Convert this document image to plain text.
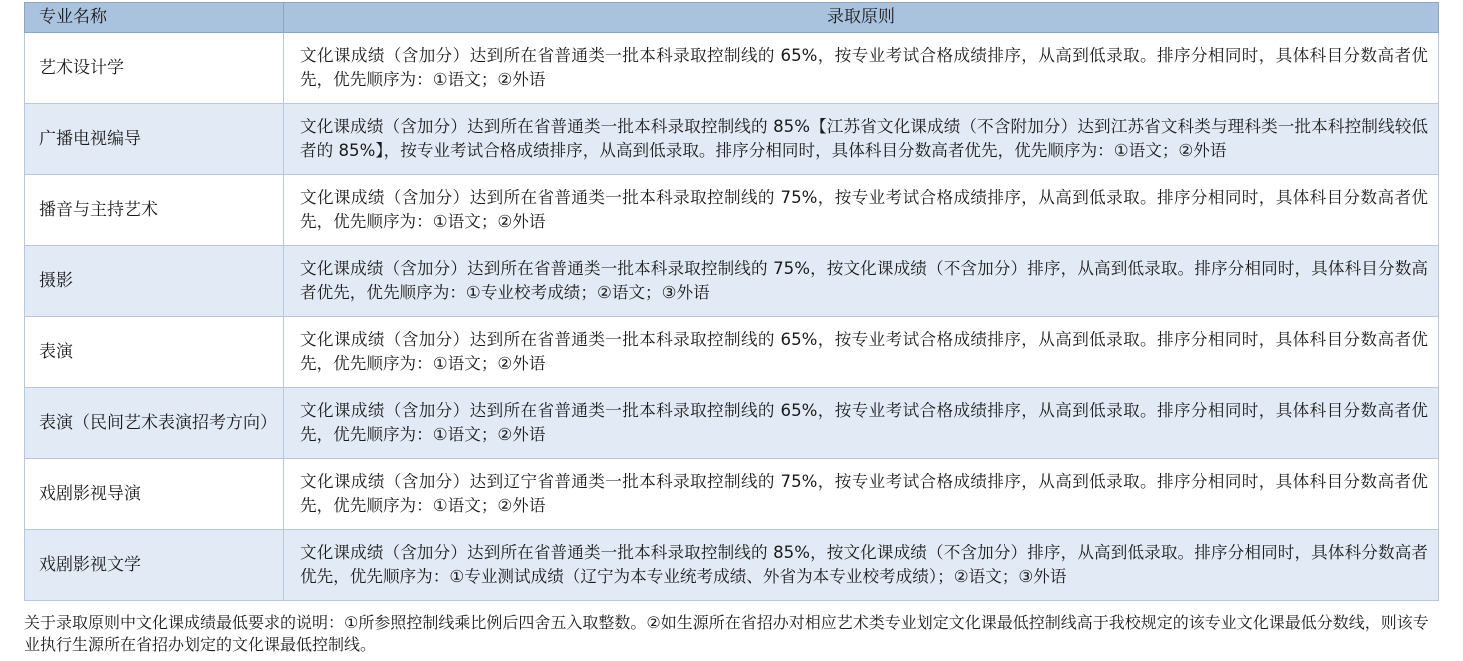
专业名称	录取原则
艺术设计学	文化课成绩（含加分）达到所在省普通类一批本科录取控制线的 65%，按专业考试合格成绩排序，从高到低录取。排序分相同时，具体科目分数高者优先，优先顺序为：①语文；②外语
广播电视编导	文化课成绩（含加分）达到所在省普通类一批本科录取控制线的 85%【江苏省文化课成绩（不含附加分）达到江苏省文科类与理科类一批本科控制线较低者的 85%】，按专业考试合格成绩排序，从高到低录取。排序分相同时，具体科目分数高者优先，优先顺序为：①语文；②外语
播音与主持艺术	文化课成绩（含加分）达到所在省普通类一批本科录取控制线的 75%，按专业考试合格成绩排序，从高到低录取。排序分相同时，具体科目分数高者优先，优先顺序为：①语文；②外语
摄影	文化课成绩（含加分）达到所在省普通类一批本科录取控制线的 75%，按文化课成绩（不含加分）排序，从高到低录取。排序分相同时，具体科目分数高者优先，优先顺序为：①专业校考成绩；②语文；③外语
表演	文化课成绩（含加分）达到所在省普通类一批本科录取控制线的 65%，按专业考试合格成绩排序，从高到低录取。排序分相同时，具体科目分数高者优先，优先顺序为：①语文；②外语
表演（民间艺术表演招考方向）	文化课成绩（含加分）达到所在省普通类一批本科录取控制线的 65%，按专业考试合格成绩排序，从高到低录取。排序分相同时，具体科目分数高者优先，优先顺序为：①语文；②外语
戏剧影视导演	文化课成绩（含加分）达到辽宁省普通类一批本科录取控制线的 75%，按专业考试合格成绩排序，从高到低录取。排序分相同时，具体科目分数高者优先，优先顺序为：①语文；②外语
戏剧影视文学	文化课成绩（含加分）达到所在省普通类一批本科录取控制线的 85%，按文化课成绩（不含加分）排序，从高到低录取。排序分相同时，具体科分数高者优先，优先顺序为：①专业测试成绩（辽宁为本专业统考成绩、外省为本专业校考成绩）；②语文；③外语
关于录取原则中文化课成绩最低要求的说明：①所参照控制线乘比例后四舍五入取整数。②如生源所在省招办对相应艺术类专业划定文化课最低控制线高于我校规定的该专业文化课最低分数线，则该专业执行生源所在省招办划定的文化课最低控制线。
